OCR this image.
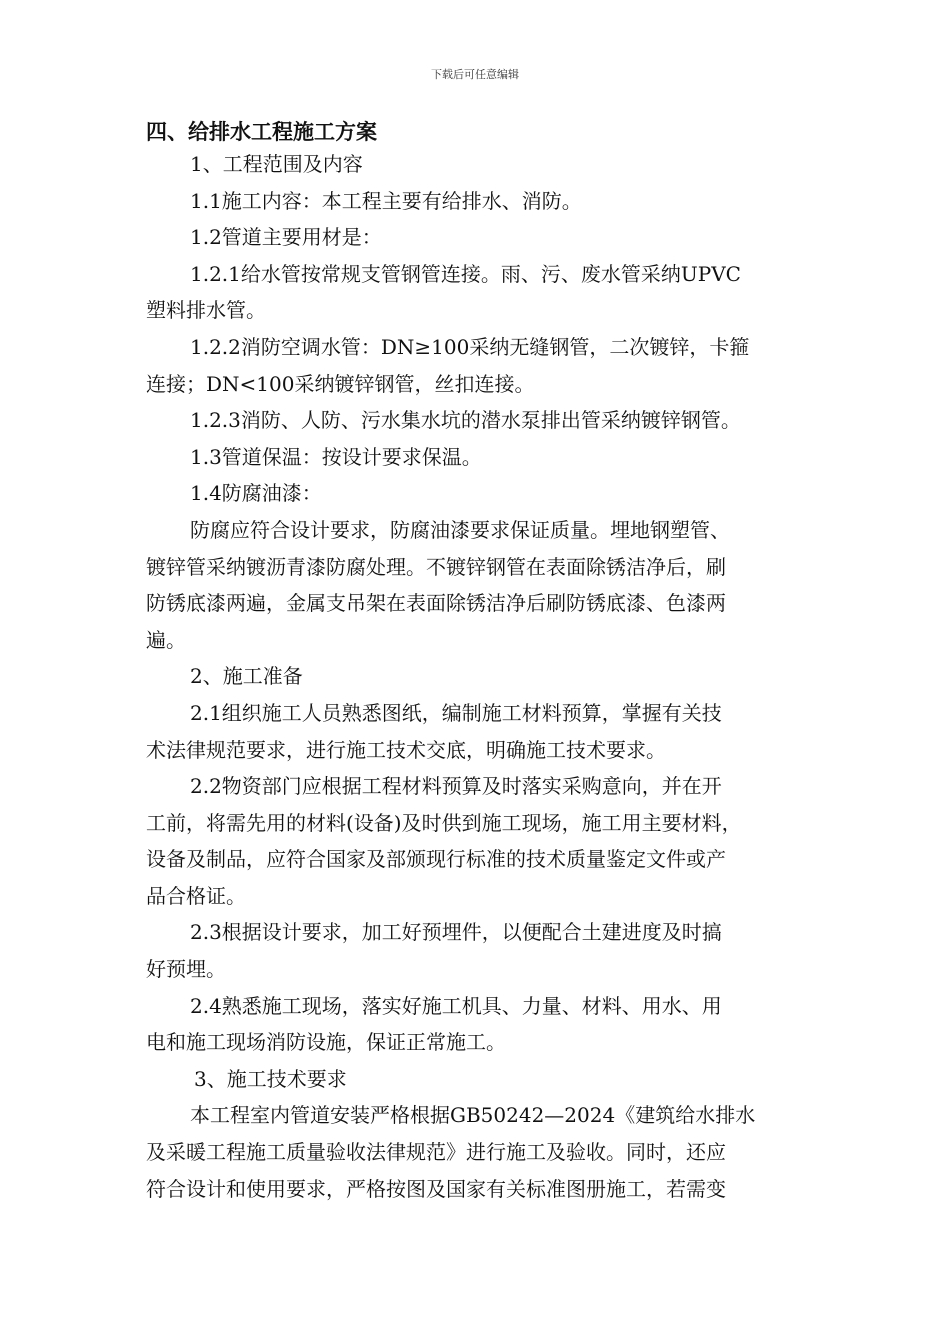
下载后可任意编辑
四、给排水工程施工方案

1、工程范围及内容

1.1施工内容：本工程主要有给排水、消防。

1.2管道主要用材是：

1.2.1给水管按常规支管钢管连接。雨、污、废水管采纳UPVC

塑料排水管。

1.2.2消防空调水管：DN≥100采纳无缝钢管，二次镀锌，卡箍

连接；DN<100采纳镀锌钢管，丝扣连接。

1.2.3消防、人防、污水集水坑的潜水泵排出管采纳镀锌钢管。

1.3管道保温：按设计要求保温。

1.4防腐油漆：

防腐应符合设计要求，防腐油漆要求保证质量。埋地钢塑管、

镀锌管采纳镀沥青漆防腐处理。不镀锌钢管在表面除锈洁净后，刷

防锈底漆两遍，金属支吊架在表面除锈洁净后刷防锈底漆、色漆两

遍。

2、施工准备

2.1组织施工人员熟悉图纸，编制施工材料预算，掌握有关技

术法律规范要求，进行施工技术交底，明确施工技术要求。

2.2物资部门应根据工程材料预算及时落实采购意向，并在开

工前，将需先用的材料(设备)及时供到施工现场，施工用主要材料，

设备及制品，应符合国家及部颁现行标准的技术质量鉴定文件或产

品合格证。

2.3根据设计要求，加工好预埋件，以便配合土建进度及时搞

好预埋。

2.4熟悉施工现场，落实好施工机具、力量、材料、用水、用

电和施工现场消防设施，保证正常施工。

3、施工技术要求

本工程室内管道安装严格根据GB50242—2024《建筑给水排水

及采暖工程施工质量验收法律规范》进行施工及验收。同时，还应

符合设计和使用要求，严格按图及国家有关标准图册施工，若需变
